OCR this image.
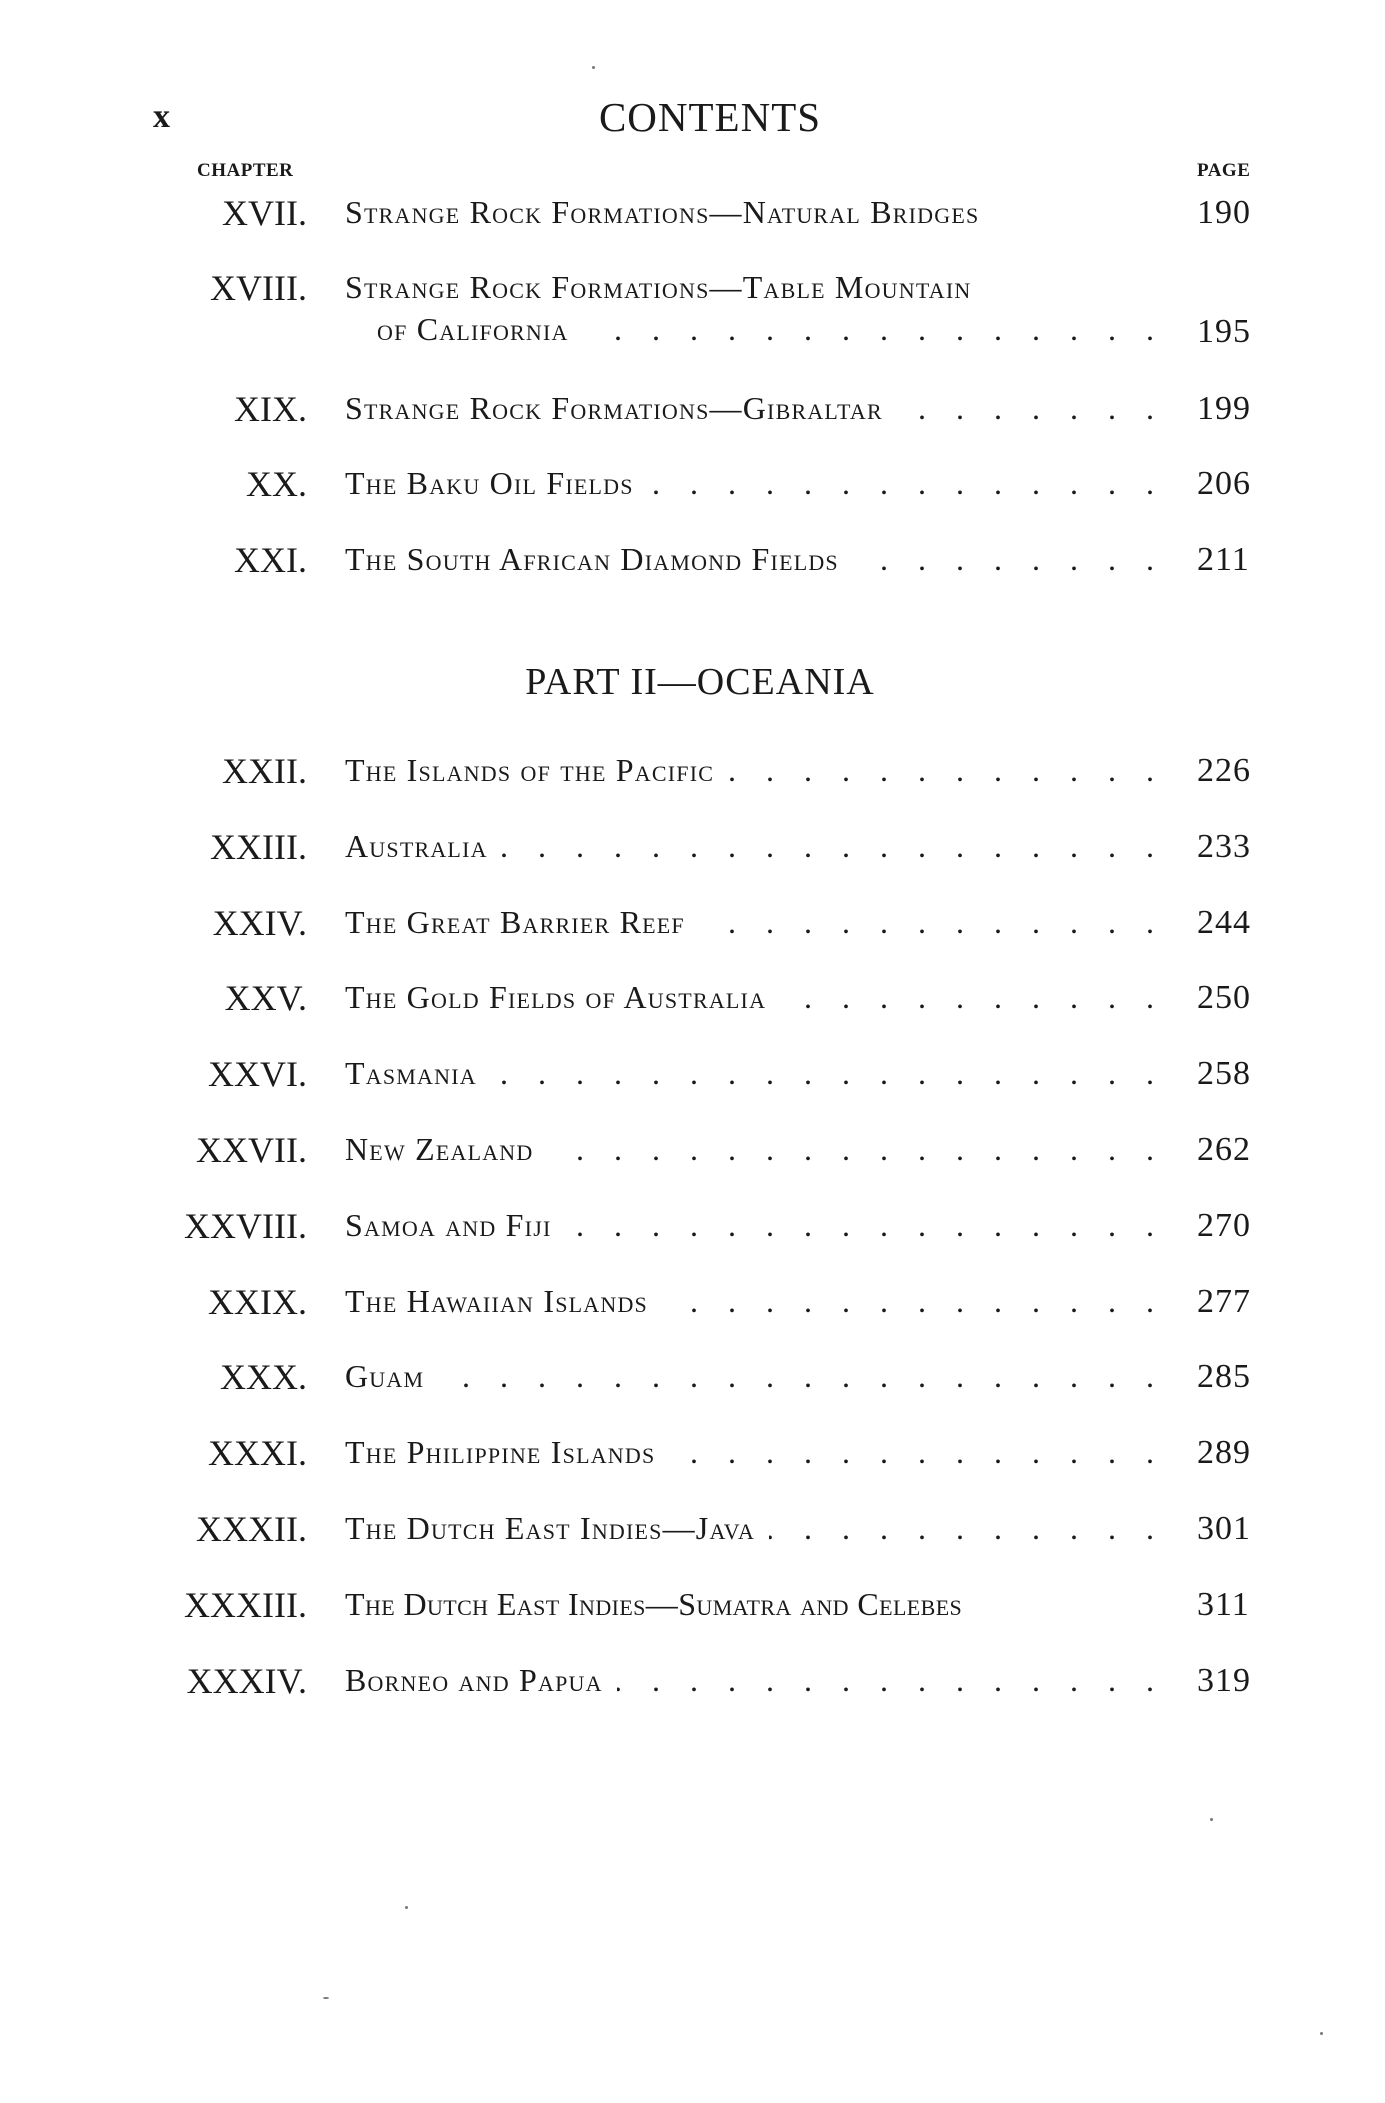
x	CONTENTS
CHAPTER	PAGE
XVII. Strange Rock Formations—Natural Bridges	190
XVIII. Strange Rock Formations—Table Mountain
of California . . .	195
XIX. Strange Rock Formations—Gibraltar . . .	199
XX. The Baku Oil Fields . . .	206
XXI. The South African Diamond Fields . . .	211
PART II—OCEANIA
XXII. The Islands of the Pacific . . .	226
XXIII. Australia . . .	233
XXIV. The Great Barrier Reef . . .	244
XXV. The Gold Fields of Australia . . .	250
XXVI. Tasmania . . .	258
XXVII. New Zealand . . .	262
XXVIII. Samoa and Fiji . . .	270
XXIX. The Hawaiian Islands . . .	277
XXX. Guam . . .	285
XXXI. The Philippine Islands . . .	289
XXXII. The Dutch East Indies—Java . . .	301
XXXIII. The Dutch East Indies—Sumatra and Celebes	311
XXXIV. Borneo and Papua . . .	319
